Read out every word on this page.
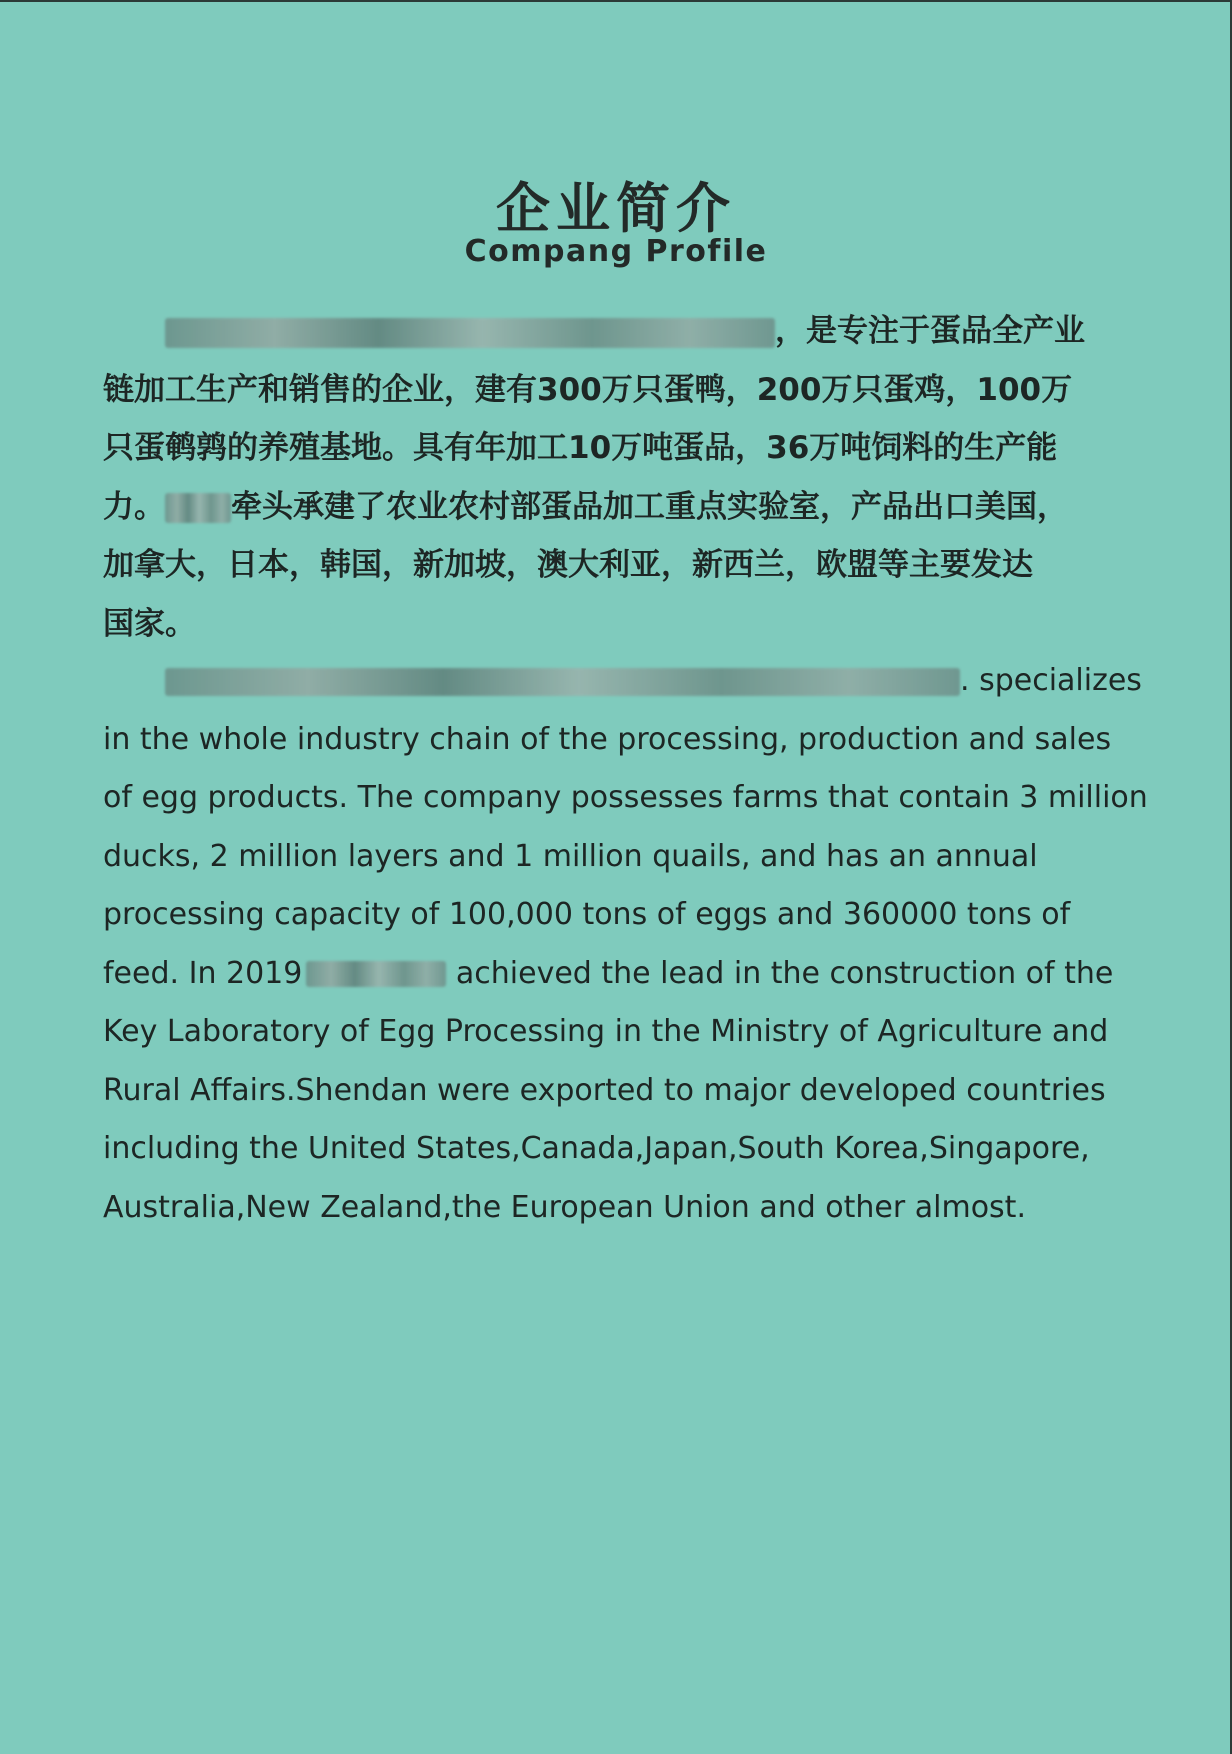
企业简介
Compang Profile
，是专注于蛋品全产业
链加工生产和销售的企业，建有300万只蛋鸭，200万只蛋鸡，100万
只蛋鹌鹑的养殖基地。具有年加工10万吨蛋品，36万吨饲料的生产能
力。 牵头承建了农业农村部蛋品加工重点实验室，产品出口美国，
加拿大，日本，韩国，新加坡，澳大利亚，新西兰，欧盟等主要发达
国家。
. specializes
in the whole industry chain of the processing, production and sales
of egg products. The company possesses farms that contain 3 million
ducks, 2 million layers and 1 million quails, and has an annual
processing capacity of 100,000 tons of eggs and 360000 tons of
feed. In 2019	achieved the lead in the construction of the
Key Laboratory of Egg Processing in the Ministry of Agriculture and
Rural Affairs.Shendan were exported to major developed countries
including the United States,Canada,Japan,South Korea,Singapore,
Australia,New Zealand,the European Union and other almost.
